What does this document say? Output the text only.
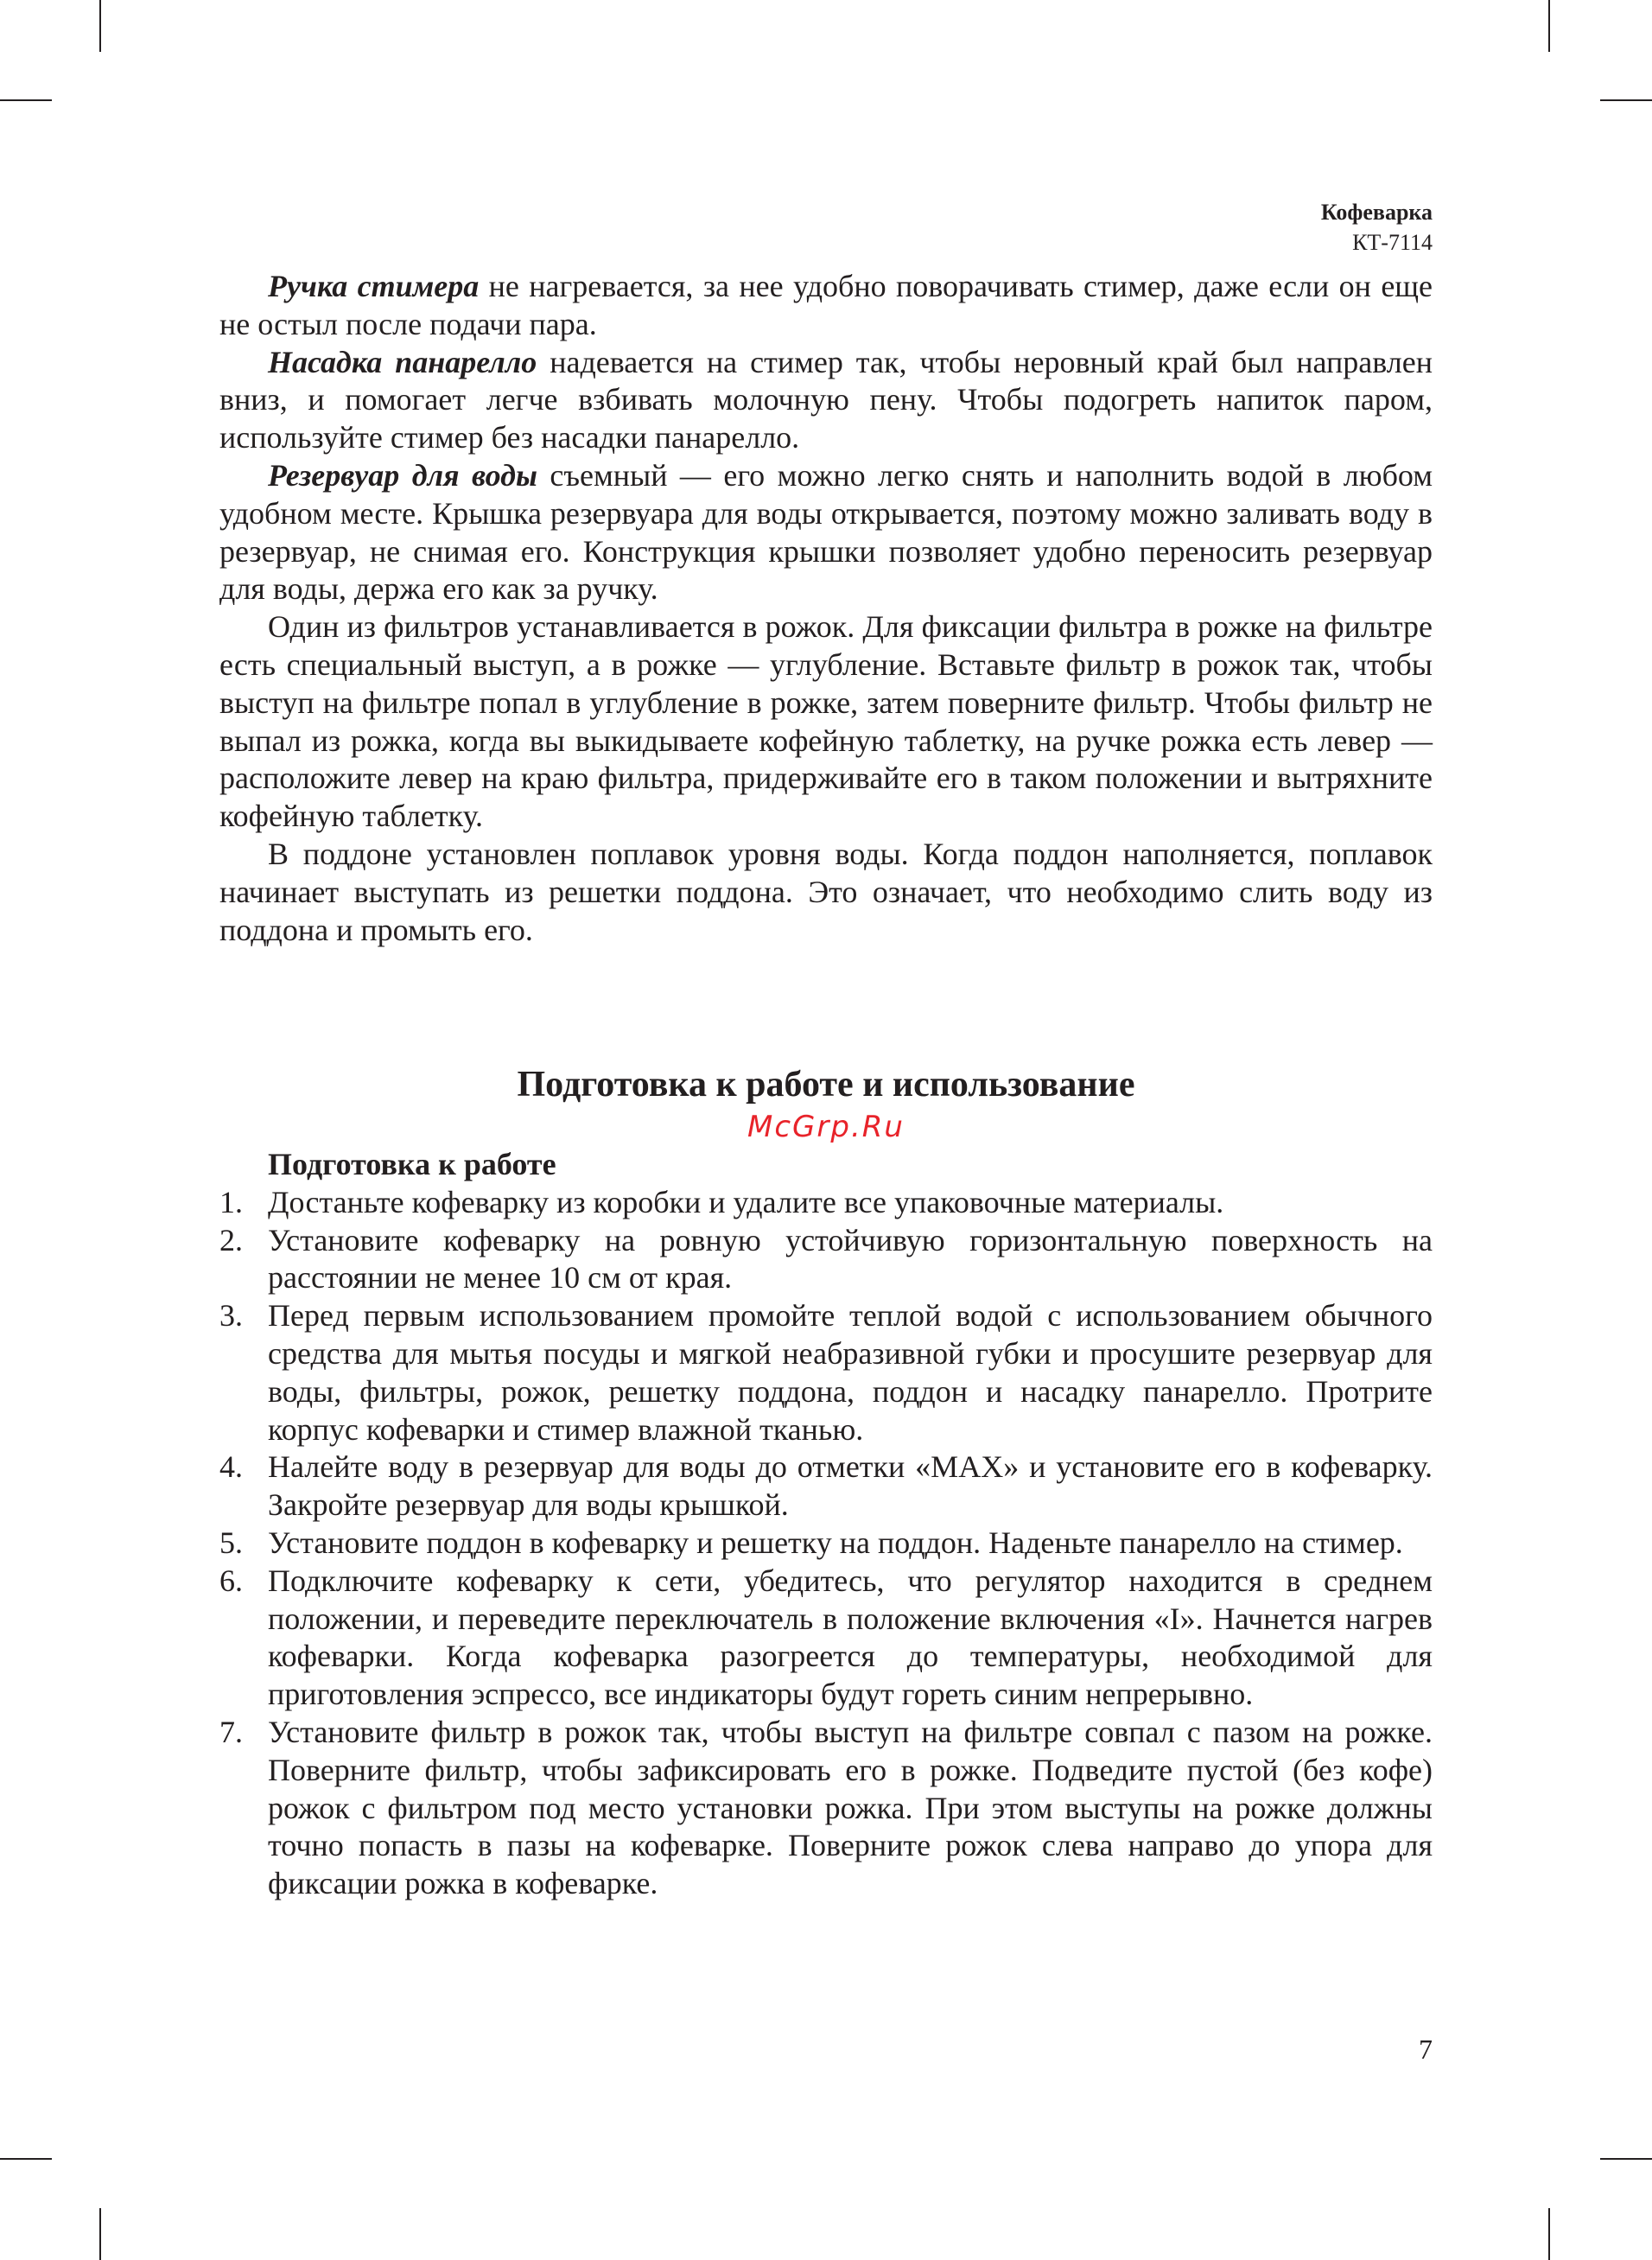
Кофеварка
КТ-7114

Ручка стимера не нагревается, за нее удобно поворачивать стимер, даже если он еще не остыл после подачи пара.

Насадка панарелло надевается на стимер так, чтобы неровный край был направлен вниз, и помогает легче взбивать молочную пену. Чтобы подогреть напиток паром, используйте стимер без насадки панарелло.

Резервуар для воды съемный — его можно легко снять и наполнить водой в любом удобном месте. Крышка резервуара для воды открывается, поэтому можно заливать воду в резервуар, не снимая его. Конструкция крышки позволяет удобно переносить резервуар для воды, держа его как за ручку.

Один из фильтров устанавливается в рожок. Для фиксации фильтра в рожке на фильтре есть специальный выступ, а в рожке — углубление. Вставьте фильтр в рожок так, чтобы выступ на фильтре попал в углубление в рожке, затем поверните фильтр. Чтобы фильтр не выпал из рожка, когда вы выкидываете кофейную таблетку, на ручке рожка есть левер — расположите левер на краю фильтра, придерживайте его в таком положении и вытряхните кофейную таблетку.

В поддоне установлен поплавок уровня воды. Когда поддон наполняется, поплавок начинает выступать из решетки поддона. Это означает, что необходимо слить воду из поддона и промыть его.

Подготовка к работе и использование
McGrp.Ru

Подготовка к работе

1. Достаньте кофеварку из коробки и удалите все упаковочные материалы.
2. Установите кофеварку на ровную устойчивую горизонтальную поверхность на расстоянии не менее 10 см от края.
3. Перед первым использованием промойте теплой водой с использованием обычного средства для мытья посуды и мягкой неабразивной губки и просушите резервуар для воды, фильтры, рожок, решетку поддона, поддон и насадку панарелло. Протрите корпус кофеварки и стимер влажной тканью.
4. Налейте воду в резервуар для воды до отметки «MAX» и установите его в кофеварку. Закройте резервуар для воды крышкой.
5. Установите поддон в кофеварку и решетку на поддон. Наденьте панарелло на стимер.
6. Подключите кофеварку к сети, убедитесь, что регулятор находится в среднем положении, и переведите переключатель в положение включения «I». Начнется нагрев кофеварки. Когда кофеварка разогреется до температуры, необходимой для приготовления эспрессо, все индикаторы будут гореть синим непрерывно.
7. Установите фильтр в рожок так, чтобы выступ на фильтре совпал с пазом на рожке. Поверните фильтр, чтобы зафиксировать его в рожке. Подведите пустой (без кофе) рожок с фильтром под место установки рожка. При этом выступы на рожке должны точно попасть в пазы на кофеварке. Поверните рожок слева направо до упора для фиксации рожка в кофеварке.
7
